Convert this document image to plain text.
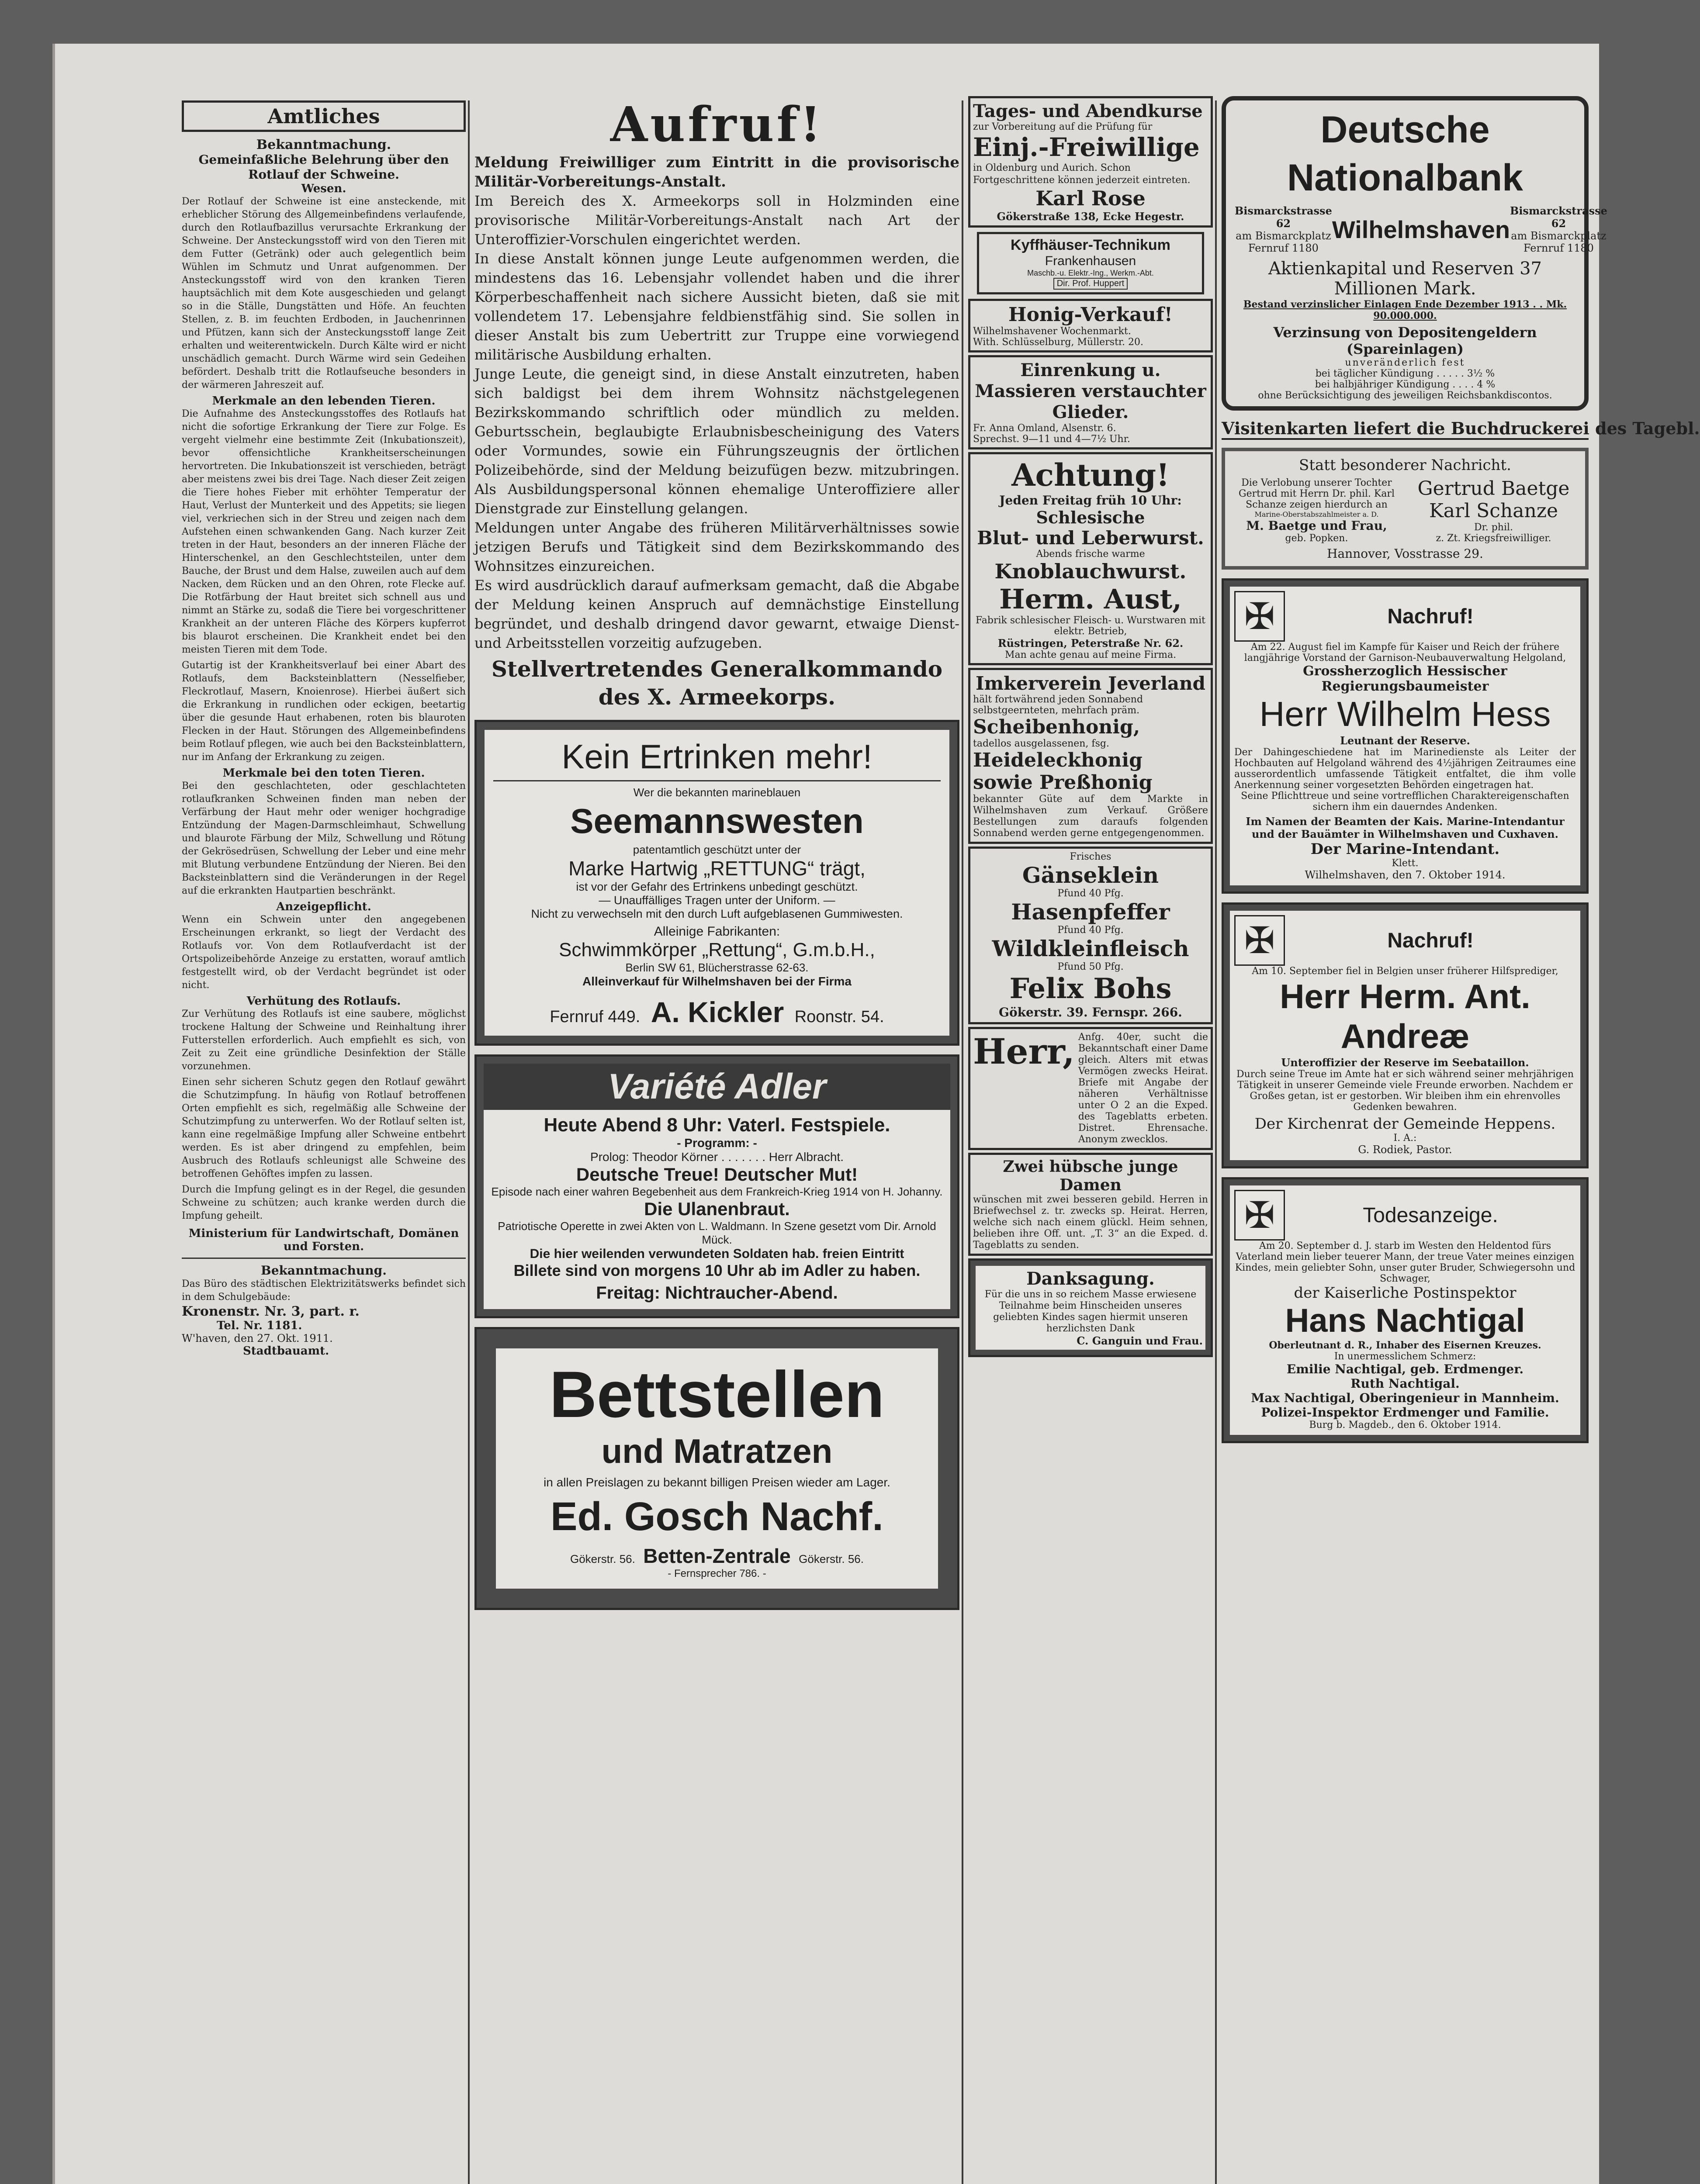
Amtliches
Bekanntmachung.
Gemeinfaßliche Belehrung über den Rotlauf der Schweine.
Wesen.
Der Rotlauf der Schweine ist eine ansteckende, mit erheblicher Störung des Allgemeinbefindens verlaufende, durch den Rotlaufbazillus verursachte Erkrankung der Schweine. Der Ansteckungsstoff wird von den Tieren mit dem Futter (Getränk) oder auch gelegentlich beim Wühlen im Schmutz und Unrat aufgenommen. Der Ansteckungsstoff wird von den kranken Tieren hauptsächlich mit dem Kote ausgeschieden und gelangt so in die Ställe, Dungstätten und Höfe. An feuchten Stellen, z. B. im feuchten Erdboden, in Jauchenrinnen und Pfützen, kann sich der Ansteckungsstoff lange Zeit erhalten und weiterentwickeln. Durch Kälte wird er nicht unschädlich gemacht. Durch Wärme wird sein Gedeihen befördert. Deshalb tritt die Rotlaufseuche besonders in der wärmeren Jahreszeit auf.
Merkmale an den lebenden Tieren.
Die Aufnahme des Ansteckungsstoffes des Rotlaufs hat nicht die sofortige Erkrankung der Tiere zur Folge. Es vergeht vielmehr eine bestimmte Zeit (Inkubationszeit), bevor offensichtliche Krankheitserscheinungen hervortreten. Die Inkubationszeit ist verschieden, beträgt aber meistens zwei bis drei Tage. Nach dieser Zeit zeigen die Tiere hohes Fieber mit erhöhter Temperatur der Haut, Verlust der Munterkeit und des Appetits; sie liegen viel, verkriechen sich in der Streu und zeigen nach dem Aufstehen einen schwankenden Gang. Nach kurzer Zeit treten in der Haut, besonders an der inneren Fläche der Hinterschenkel, an den Geschlechtsteilen, unter dem Bauche, der Brust und dem Halse, zuweilen auch auf dem Nacken, dem Rücken und an den Ohren, rote Flecke auf. Die Rotfärbung der Haut breitet sich schnell aus und nimmt an Stärke zu, sodaß die Tiere bei vorgeschrittener Krankheit an der unteren Fläche des Körpers kupferrot bis blaurot erscheinen. Die Krankheit endet bei den meisten Tieren mit dem Tode.
Gutartig ist der Krankheitsverlauf bei einer Abart des Rotlaufs, dem Backsteinblattern (Nesselfieber, Fleckrotlauf, Masern, Knoienrose). Hierbei äußert sich die Erkrankung in rundlichen oder eckigen, beetartig über die gesunde Haut erhabenen, roten bis blauroten Flecken in der Haut. Störungen des Allgemeinbefindens beim Rotlauf pflegen, wie auch bei den Backsteinblattern, nur im Anfang der Erkrankung zu zeigen.
Merkmale bei den toten Tieren.
Bei den geschlachteten, oder geschlachteten rotlaufkranken Schweinen finden man neben der Verfärbung der Haut mehr oder weniger hochgradige Entzündung der Magen-Darmschleimhaut, Schwellung und blaurote Färbung der Milz, Schwellung und Rötung der Gekrösedrüsen, Schwellung der Leber und eine mehr mit Blutung verbundene Entzündung der Nieren. Bei den Backsteinblattern sind die Veränderungen in der Regel auf die erkrankten Hautpartien beschränkt.
Anzeigepflicht.
Wenn ein Schwein unter den angegebenen Erscheinungen erkrankt, so liegt der Verdacht des Rotlaufs vor. Von dem Rotlaufverdacht ist der Ortspolizeibehörde Anzeige zu erstatten, worauf amtlich festgestellt wird, ob der Verdacht begründet ist oder nicht.
Verhütung des Rotlaufs.
Zur Verhütung des Rotlaufs ist eine saubere, möglichst trockene Haltung der Schweine und Reinhaltung ihrer Futterstellen erforderlich. Auch empfiehlt es sich, von Zeit zu Zeit eine gründliche Desinfektion der Ställe vorzunehmen.
Einen sehr sicheren Schutz gegen den Rotlauf gewährt die Schutzimpfung. In häufig von Rotlauf betroffenen Orten empfiehlt es sich, regelmäßig alle Schweine der Schutzimpfung zu unterwerfen. Wo der Rotlauf selten ist, kann eine regelmäßige Impfung aller Schweine entbehrt werden. Es ist aber dringend zu empfehlen, beim Ausbruch des Rotlaufs schleunigst alle Schweine des betroffenen Gehöftes impfen zu lassen.
Durch die Impfung gelingt es in der Regel, die gesunden Schweine zu schützen; auch kranke werden durch die Impfung geheilt.
Ministerium für Landwirtschaft, Domänen und Forsten.
Bekanntmachung.
Das Büro des städtischen Elektrizitätswerks befindet sich in dem Schulgebäude:
Kronenstr. Nr. 3, part. r.
Tel. Nr. 1181.
W'haven, den 27. Okt. 1911.
Stadtbauamt.
Aufruf!
Meldung Freiwilliger zum Eintritt in die provisorische Militär-Vorbereitungs-Anstalt.
Im Bereich des X. Armeekorps soll in Holzminden eine provisorische Militär-Vorbereitungs-Anstalt nach Art der Unteroffizier-Vorschulen eingerichtet werden.
In diese Anstalt können junge Leute aufgenommen werden, die mindestens das 16. Lebensjahr vollendet haben und die ihrer Körperbeschaffenheit nach sichere Aussicht bieten, daß sie mit vollendetem 17. Lebensjahre feldbienstfähig sind. Sie sollen in dieser Anstalt bis zum Uebertritt zur Truppe eine vorwiegend militärische Ausbildung erhalten.
Junge Leute, die geneigt sind, in diese Anstalt einzutreten, haben sich baldigst bei dem ihrem Wohnsitz nächstgelegenen Bezirkskommando schriftlich oder mündlich zu melden. Geburtsschein, beglaubigte Erlaubnisbescheinigung des Vaters oder Vormundes, sowie ein Führungszeugnis der örtlichen Polizeibehörde, sind der Meldung beizufügen bezw. mitzubringen. Als Ausbildungspersonal können ehemalige Unteroffiziere aller Dienstgrade zur Einstellung gelangen.
Meldungen unter Angabe des früheren Militärverhältnisses sowie jetzigen Berufs und Tätigkeit sind dem Bezirkskommando des Wohnsitzes einzureichen.
Es wird ausdrücklich darauf aufmerksam gemacht, daß die Abgabe der Meldung keinen Anspruch auf demnächstige Einstellung begründet, und deshalb dringend davor gewarnt, etwaige Dienst- und Arbeitsstellen vorzeitig aufzugeben.
Stellvertretendes Generalkommando
des X. Armeekorps.
Kein Ertrinken mehr!
Wer die bekannten marineblauen
Seemannswesten
patentamtlich geschützt unter der
Marke Hartwig „RETTUNG“ trägt,
ist vor der Gefahr des Ertrinkens unbedingt geschützt.
— Unauffälliges Tragen unter der Uniform. —
Nicht zu verwechseln mit den durch Luft aufgeblasenen Gummiwesten.
Alleinige Fabrikanten:
Schwimmkörper „Rettung“, G.m.b.H.,
Berlin SW 61, Blücherstrasse 62-63.
Alleinverkauf für Wilhelmshaven bei der Firma
Fernruf 449. A. Kickler Roonstr. 54.
Variété Adler
Heute Abend 8 Uhr: Vaterl. Festspiele.
- Programm: -
Prolog: Theodor Körner . . . . . . . Herr Albracht.
Deutsche Treue! Deutscher Mut!
Episode nach einer wahren Begebenheit aus dem Frankreich-Krieg 1914 von H. Johanny.
Die Ulanenbraut.
Patriotische Operette in zwei Akten von L. Waldmann. In Szene gesetzt vom Dir. Arnold Mück.
Die hier weilenden verwundeten Soldaten hab. freien Eintritt
Billete sind von morgens 10 Uhr ab im Adler zu haben.
Freitag: Nichtraucher-Abend.
Bettstellen
und Matratzen
in allen Preislagen zu bekannt billigen Preisen wieder am Lager.
Ed. Gosch Nachf.
Gökerstr. 56. Betten-Zentrale Gökerstr. 56.
- Fernsprecher 786. -
Tages- und Abendkurse
zur Vorbereitung auf die Prüfung für
Einj.-Freiwillige
in Oldenburg und Aurich. Schon Fortgeschrittene können jederzeit eintreten.
Karl Rose
Gökerstraße 138, Ecke Hegestr.
Kyffhäuser-Technikum
Frankenhausen
Maschb.-u. Elektr.-Ing., Werkm.-Abt.
Dir. Prof. Huppert
Honig-Verkauf!
Wilhelmshavener Wochenmarkt.
With. Schlüsselburg, Müllerstr. 20.
Einrenkung u. Massieren verstauchter Glieder.
Fr. Anna Omland, Alsenstr. 6.
Sprechst. 9—11 und 4—7½ Uhr.
Achtung!
Jeden Freitag früh 10 Uhr:
Schlesische
Blut- und Leberwurst.
Abends frische warme
Knoblauchwurst.
Herm. Aust,
Fabrik schlesischer Fleisch- u. Wurstwaren mit elektr. Betrieb,
Rüstringen, Peterstraße Nr. 62.
Man achte genau auf meine Firma.
Imkerverein Jeverland
hält fortwährend jeden Sonnabend selbstgeernteten, mehrfach präm.
Scheibenhonig,
tadellos ausgelassenen, fsg.
Heideleckhonig
sowie Preßhonig
bekannter Güte auf dem Markte in Wilhelmshaven zum Verkauf. Größere Bestellungen zum daraufs folgenden Sonnabend werden gerne entgegengenommen.
Frisches
Gänseklein
Pfund 40 Pfg.
Hasenpfeffer
Pfund 40 Pfg.
Wildkleinfleisch
Pfund 50 Pfg.
Felix Bohs
Gökerstr. 39. Fernspr. 266.
Herr, Anfg. 40er, sucht die Bekanntschaft einer Dame gleich. Alters mit etwas Vermögen zwecks Heirat. Briefe mit Angabe der näheren Verhältnisse unter O 2 an die Exped. des Tageblatts erbeten. Distret. Ehrensache. Anonym zwecklos.
Zwei hübsche junge Damen
wünschen mit zwei besseren gebild. Herren in Briefwechsel z. tr. zwecks sp. Heirat. Herren, welche sich nach einem glückl. Heim sehnen, belieben ihre Off. unt. „T. 3“ an die Exped. d. Tageblatts zu senden.
Danksagung.
Für die uns in so reichem Masse erwiesene Teilnahme beim Hinscheiden unseres geliebten Kindes sagen hiermit unseren herzlichsten Dank
C. Ganguin und Frau.
Deutsche Nationalbank
Bismarckstrasse 62
am Bismarckplatz
Fernruf 1180
Wilhelmshaven
Bismarckstrasse 62
am Bismarckplatz
Fernruf 1180
Aktienkapital und Reserven 37 Millionen Mark.
Bestand verzinslicher Einlagen Ende Dezember 1913 . . Mk. 90.000.000.
Verzinsung von Depositengeldern (Spareinlagen)
unveränderlich fest
bei täglicher Kündigung . . . . . 3½ %
bei halbjähriger Kündigung . . . . 4 %
ohne Berücksichtigung des jeweiligen Reichsbankdiscontos.
Visitenkarten liefert die Buchdruckerei des Tagebl.
Statt besonderer Nachricht.
Die Verlobung unserer Tochter Gertrud mit Herrn Dr. phil. Karl Schanze zeigen hierdurch an
Marine-Oberstabszahlmeister a. D.
M. Baetge und Frau,
geb. Popken.
Gertrud Baetge
Karl Schanze
Dr. phil.
z. Zt. Kriegsfreiwilliger.
Hannover, Vosstrasse 29.
✠	Nachruf!
Am 22. August fiel im Kampfe für Kaiser und Reich der frühere langjährige Vorstand der Garnison-Neubauverwaltung Helgoland,
Grossherzoglich Hessischer Regierungsbaumeister
Herr Wilhelm Hess
Leutnant der Reserve.
Der Dahingeschiedene hat im Marinedienste als Leiter der Hochbauten auf Helgoland während des 4½jährigen Zeitraumes eine ausserordentlich umfassende Tätigkeit entfaltet, die ihm volle Anerkennung seiner vorgesetzten Behörden eingetragen hat.
Seine Pflichttreue und seine vortrefflichen Charaktereigenschaften sichern ihm ein dauerndes Andenken.
Im Namen der Beamten der Kais. Marine-Intendantur und der Bauämter in Wilhelmshaven und Cuxhaven.
Der Marine-Intendant.
Klett.
Wilhelmshaven, den 7. Oktober 1914.
✠	Nachruf!
Am 10. September fiel in Belgien unser früherer Hilfsprediger,
Herr Herm. Ant. Andreæ
Unteroffizier der Reserve im Seebataillon.
Durch seine Treue im Amte hat er sich während seiner mehrjährigen Tätigkeit in unserer Gemeinde viele Freunde erworben. Nachdem er Großes getan, ist er gestorben. Wir bleiben ihm ein ehrenvolles Gedenken bewahren.
Der Kirchenrat der Gemeinde Heppens.
I. A.:
G. Rodiek, Pastor.
✠	Todesanzeige.
Am 20. September d. J. starb im Westen den Heldentod fürs Vaterland mein lieber teuerer Mann, der treue Vater meines einzigen Kindes, mein geliebter Sohn, unser guter Bruder, Schwiegersohn und Schwager,
der Kaiserliche Postinspektor
Hans Nachtigal
Oberleutnant d. R., Inhaber des Eisernen Kreuzes.
In unermesslichem Schmerz:
Emilie Nachtigal, geb. Erdmenger.
Ruth Nachtigal.
Max Nachtigal, Oberingenieur in Mannheim.
Polizei-Inspektor Erdmenger und Familie.
Burg b. Magdeb., den 6. Oktober 1914.
